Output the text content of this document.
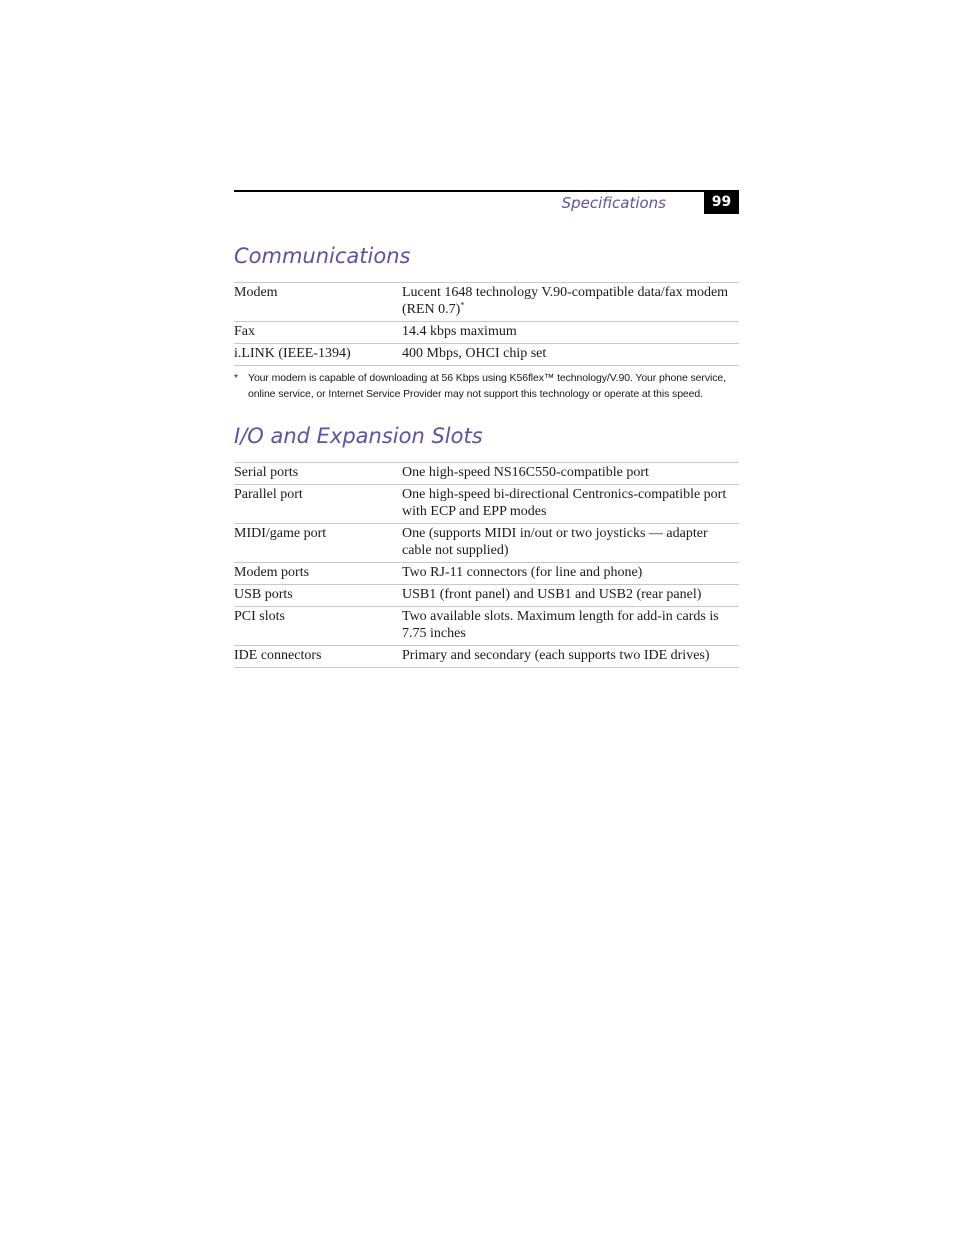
Specifications	99
Communications
Modem	Lucent 1648 technology V.90-compatible data/fax modem (REN 0.7)*
Fax	14.4 kbps maximum
i.LINK (IEEE-1394)	400 Mbps, OHCI chip set
* Your modem is capable of downloading at 56 Kbps using K56flex™ technology/V.90. Your phone service, online service, or Internet Service Provider may not support this technology or operate at this speed.
I/O and Expansion Slots
Serial ports	One high-speed NS16C550-compatible port
Parallel port	One high-speed bi-directional Centronics-compatible port with ECP and EPP modes
MIDI/game port	One (supports MIDI in/out or two joysticks — adapter cable not supplied)
Modem ports	Two RJ-11 connectors (for line and phone)
USB ports	USB1 (front panel) and USB1 and USB2 (rear panel)
PCI slots	Two available slots. Maximum length for add-in cards is 7.75 inches
IDE connectors	Primary and secondary (each supports two IDE drives)
